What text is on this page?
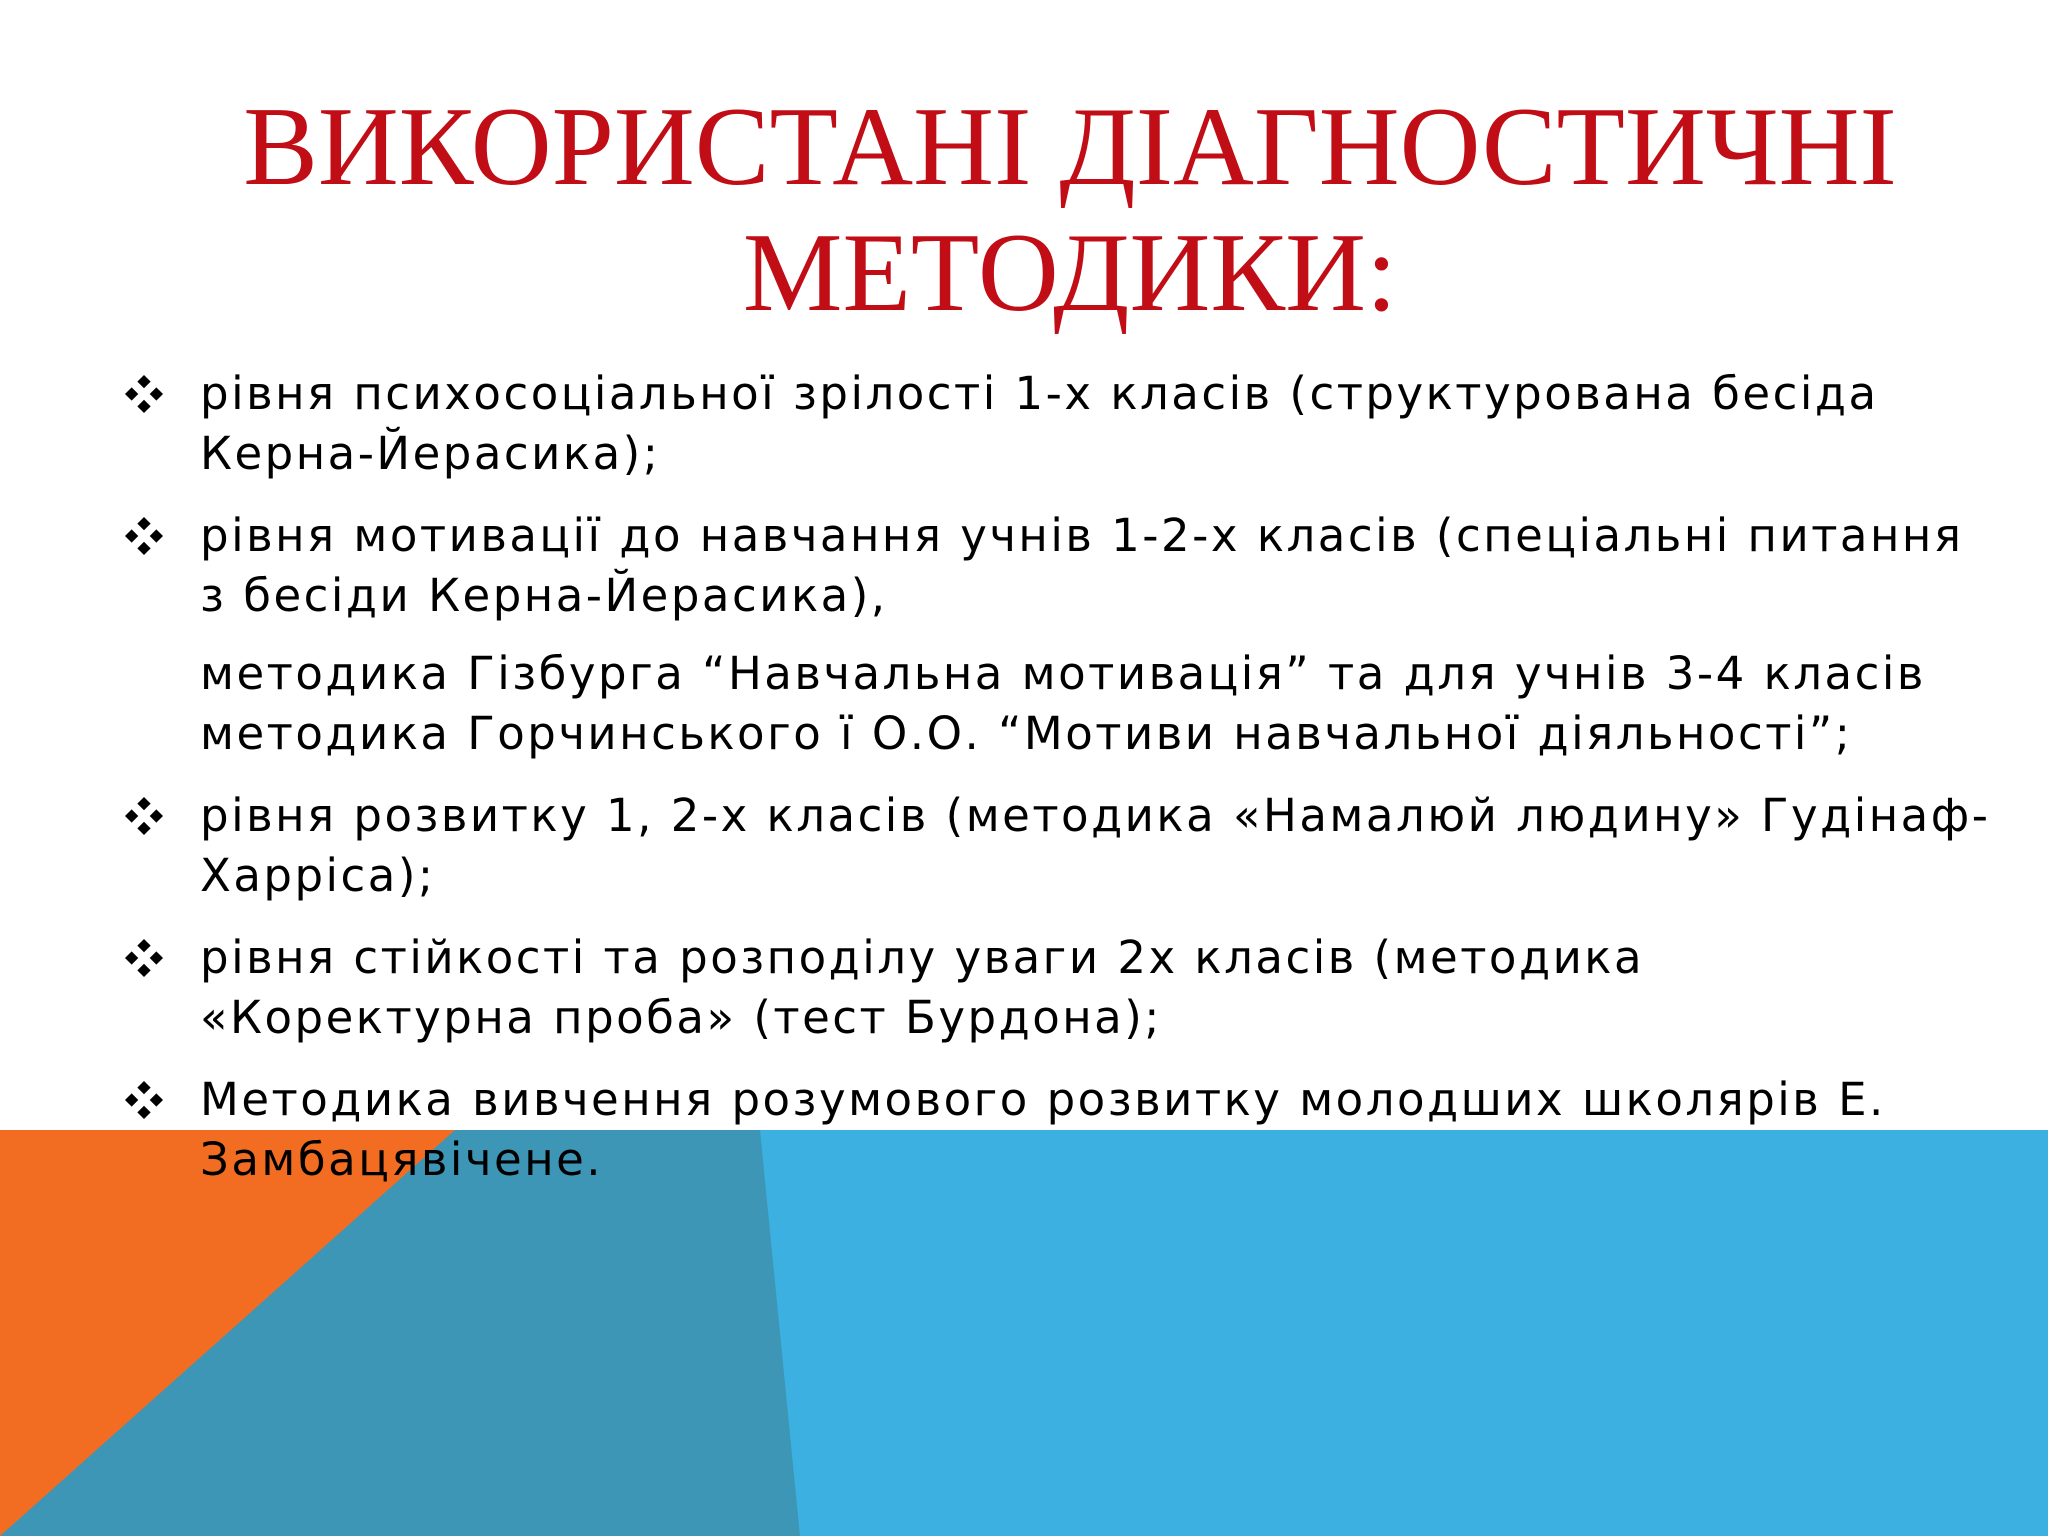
ВИКОРИСТАНІ ДІАГНОСТИЧНІ
МЕТОДИКИ:
рівня психосоціальної зрілості 1-х класів (структурована бесіда Керна-Йерасика);
рівня мотивації до навчання учнів 1-2-х класів (спеціальні питання з бесіди Керна-Йерасика),
методика Гізбурга “Навчальна мотивація” та для учнів 3-4 класів методика Горчинського ї О.О. “Мотиви навчальної діяльності”;
рівня розвитку 1, 2-х класів (методика «Намалюй людину» Гудінаф-Харріса);
рівня стійкості та розподілу уваги 2х класів (методика «Коректурна проба» (тест Бурдона);
Методика вивчення розумового розвитку молодших школярів Е. Замбацявічене.
